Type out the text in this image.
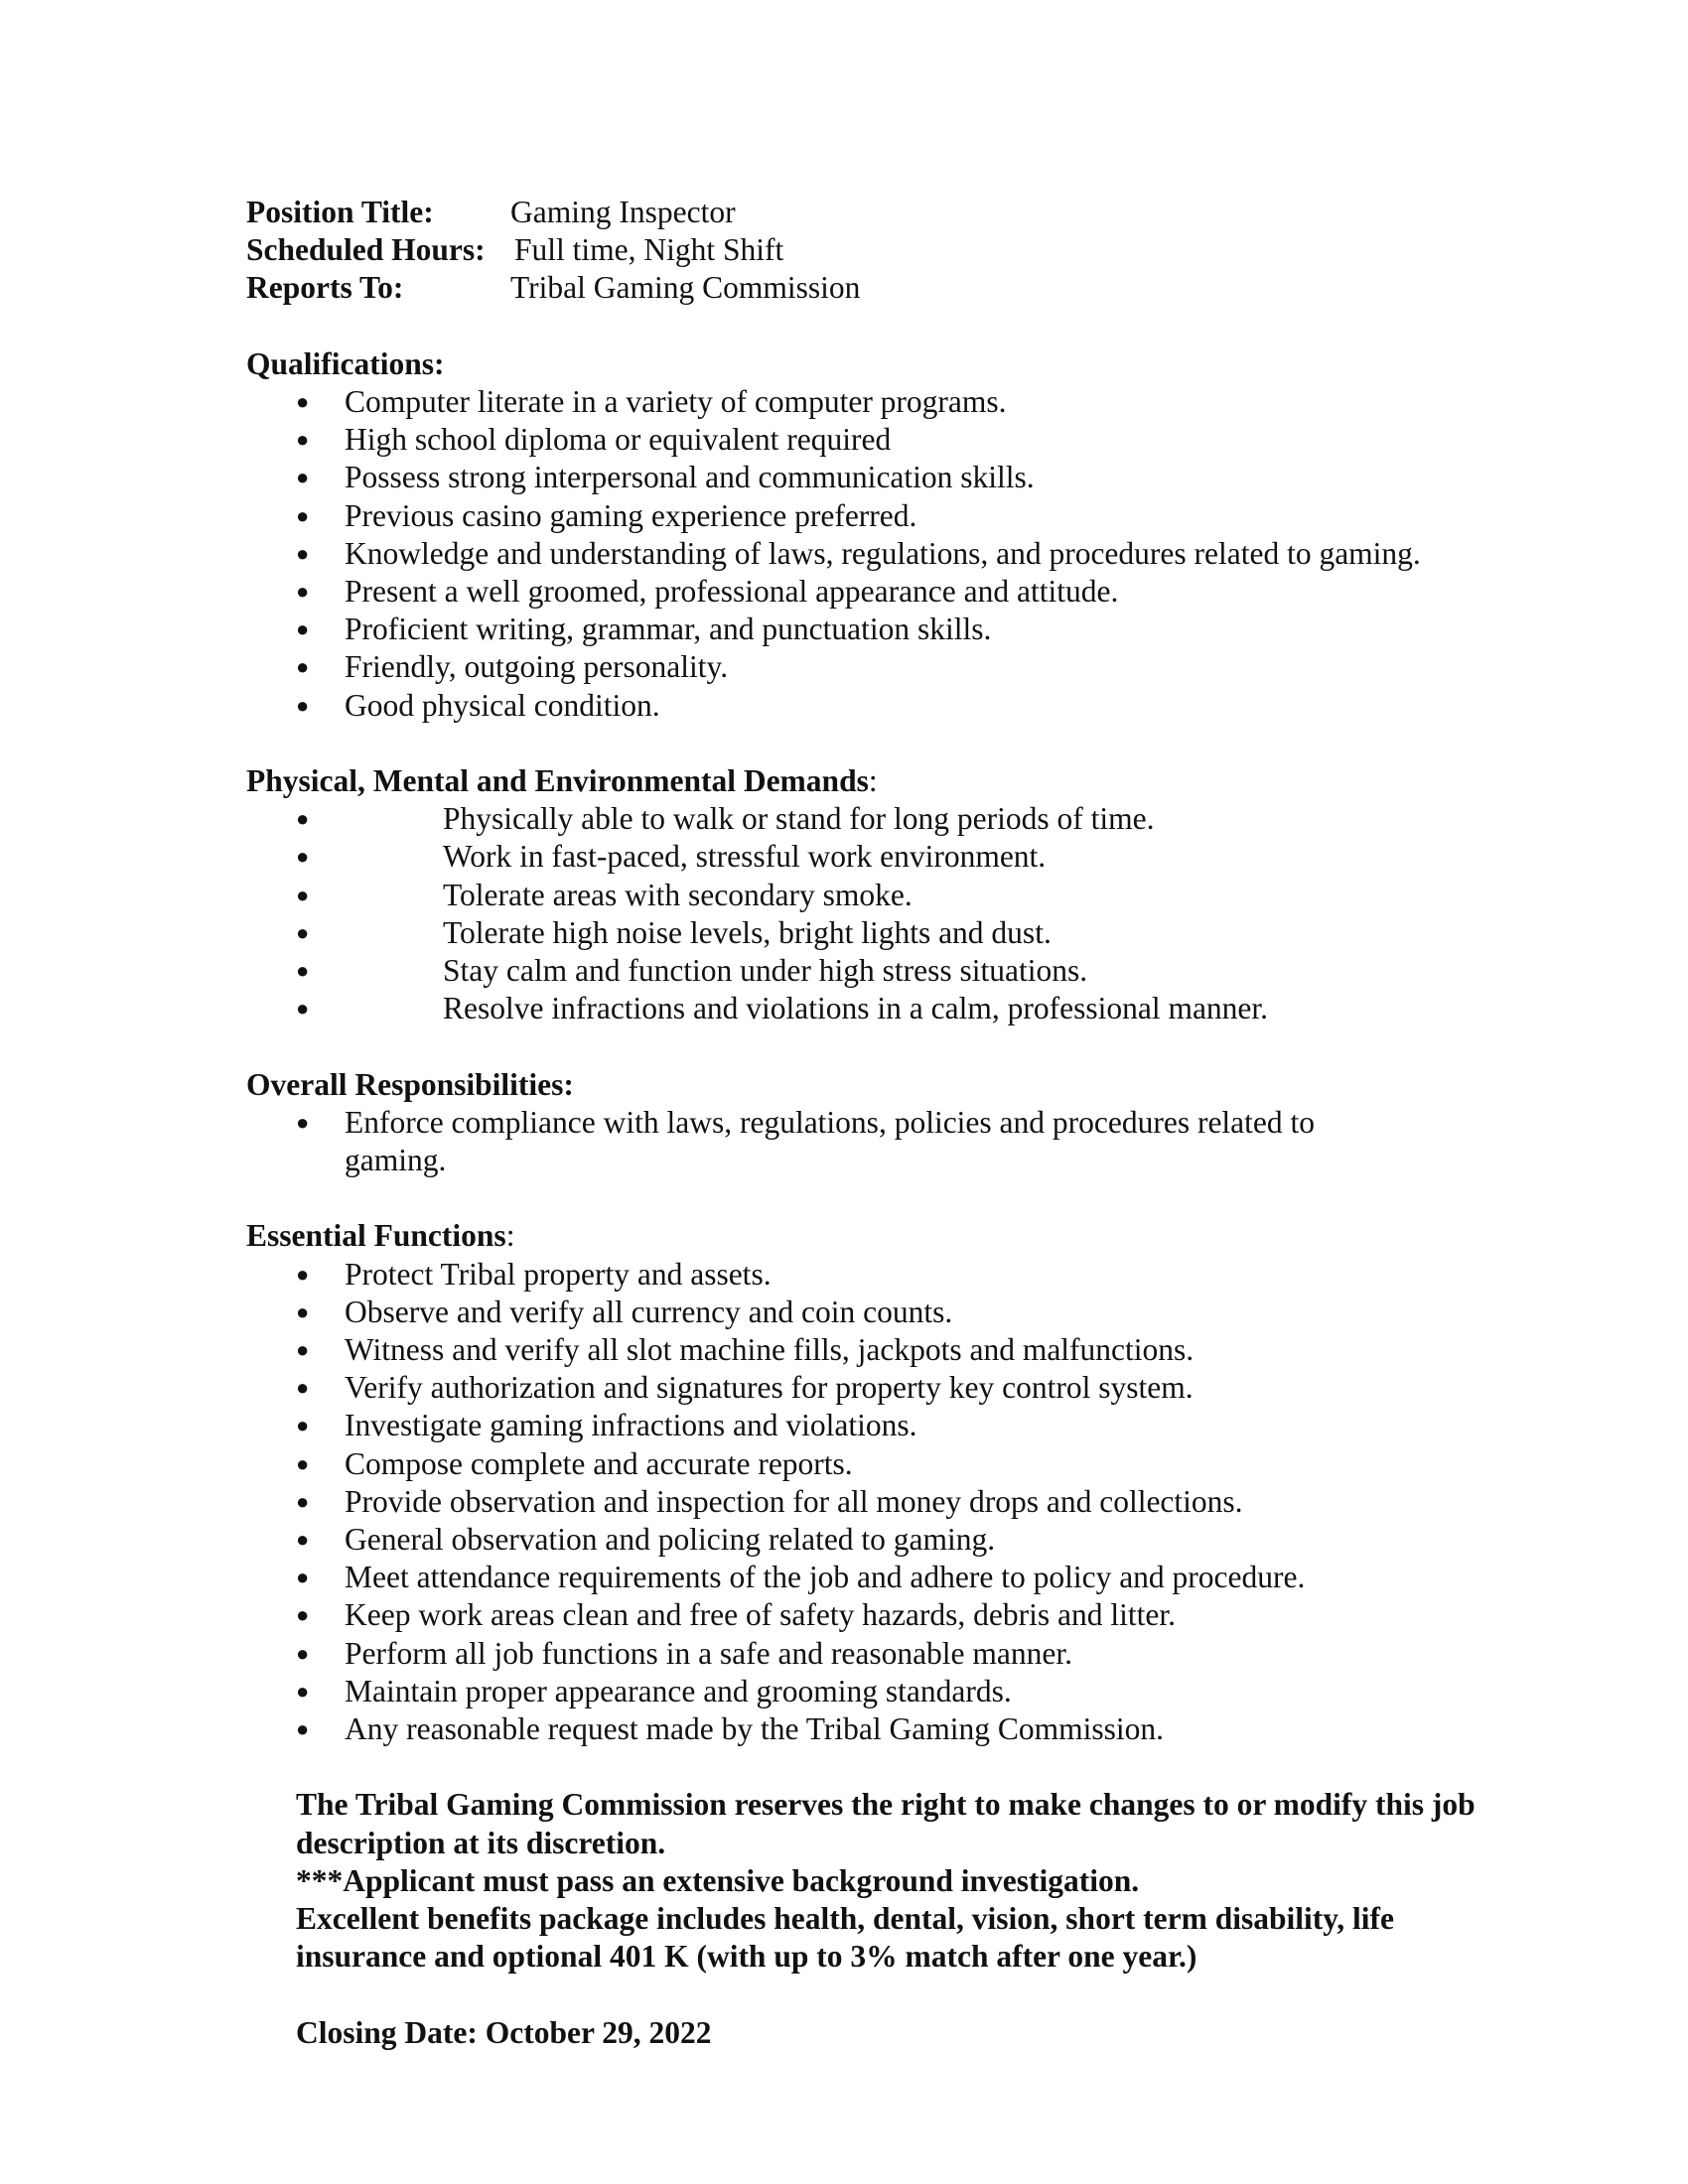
Position Title:	Gaming Inspector
Scheduled Hours: Full time, Night Shift
Reports To:	Tribal Gaming Commission
Qualifications:
● Computer literate in a variety of computer programs.
● High school diploma or equivalent required
● Possess strong interpersonal and communication skills.
● Previous casino gaming experience preferred.
● Knowledge and understanding of laws, regulations, and procedures related to gaming.
● Present a well groomed, professional appearance and attitude.
● Proficient writing, grammar, and punctuation skills.
● Friendly, outgoing personality.
● Good physical condition.
Physical, Mental and Environmental Demands:
●	Physically able to walk or stand for long periods of time.
●	Work in fast-paced, stressful work environment.
●	Tolerate areas with secondary smoke.
●	Tolerate high noise levels, bright lights and dust.
●	Stay calm and function under high stress situations.
●	Resolve infractions and violations in a calm, professional manner.
Overall Responsibilities:
● Enforce compliance with laws, regulations, policies and procedures related to gaming.
Essential Functions:
● Protect Tribal property and assets.
● Observe and verify all currency and coin counts.
● Witness and verify all slot machine fills, jackpots and malfunctions.
● Verify authorization and signatures for property key control system.
● Investigate gaming infractions and violations.
● Compose complete and accurate reports.
● Provide observation and inspection for all money drops and collections.
● General observation and policing related to gaming.
● Meet attendance requirements of the job and adhere to policy and procedure.
● Keep work areas clean and free of safety hazards, debris and litter.
● Perform all job functions in a safe and reasonable manner.
● Maintain proper appearance and grooming standards.
● Any reasonable request made by the Tribal Gaming Commission.
The Tribal Gaming Commission reserves the right to make changes to or modify this job description at its discretion.
***Applicant must pass an extensive background investigation.
Excellent benefits package includes health, dental, vision, short term disability, life insurance and optional 401 K (with up to 3% match after one year.)
Closing Date: October 29, 2022
